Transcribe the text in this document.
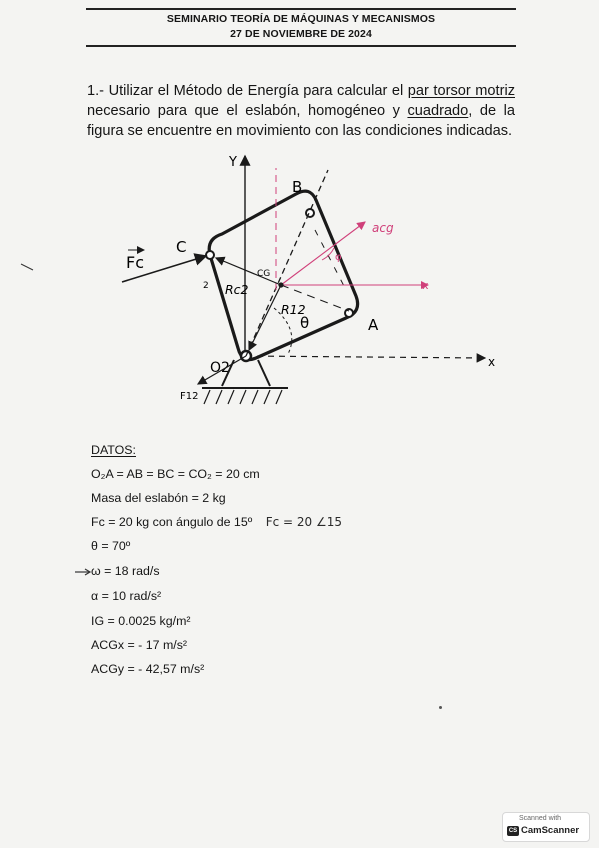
SEMINARIO TEORÍA DE MÁQUINAS Y MECANISMOS
27 DE NOVIEMBRE DE 2024
1.- Utilizar el Método de Energía para calcular el par torsor motriz necesario para que el eslabón, homogéneo y cuadrado, de la figura se encuentre en movimiento con las condiciones indicadas.
Y
x
x
acg
φ
CG
Rc2
2
R12
θ
Fc
B
C
A
O2
F12
DATOS:
O₂A = AB = BC = CO₂ = 20 cm
Masa del eslabón = 2 kg
Fc = 20 kg con ángulo de 15º Fc = 20 ∠15
θ = 70º
ω = 18 rad/s
α = 10 rad/s²
IG = 0.0025 kg/m²
ACGx = - 17 m/s²
ACGy = - 42,57 m/s²
Scanned with
CS CamScanner
